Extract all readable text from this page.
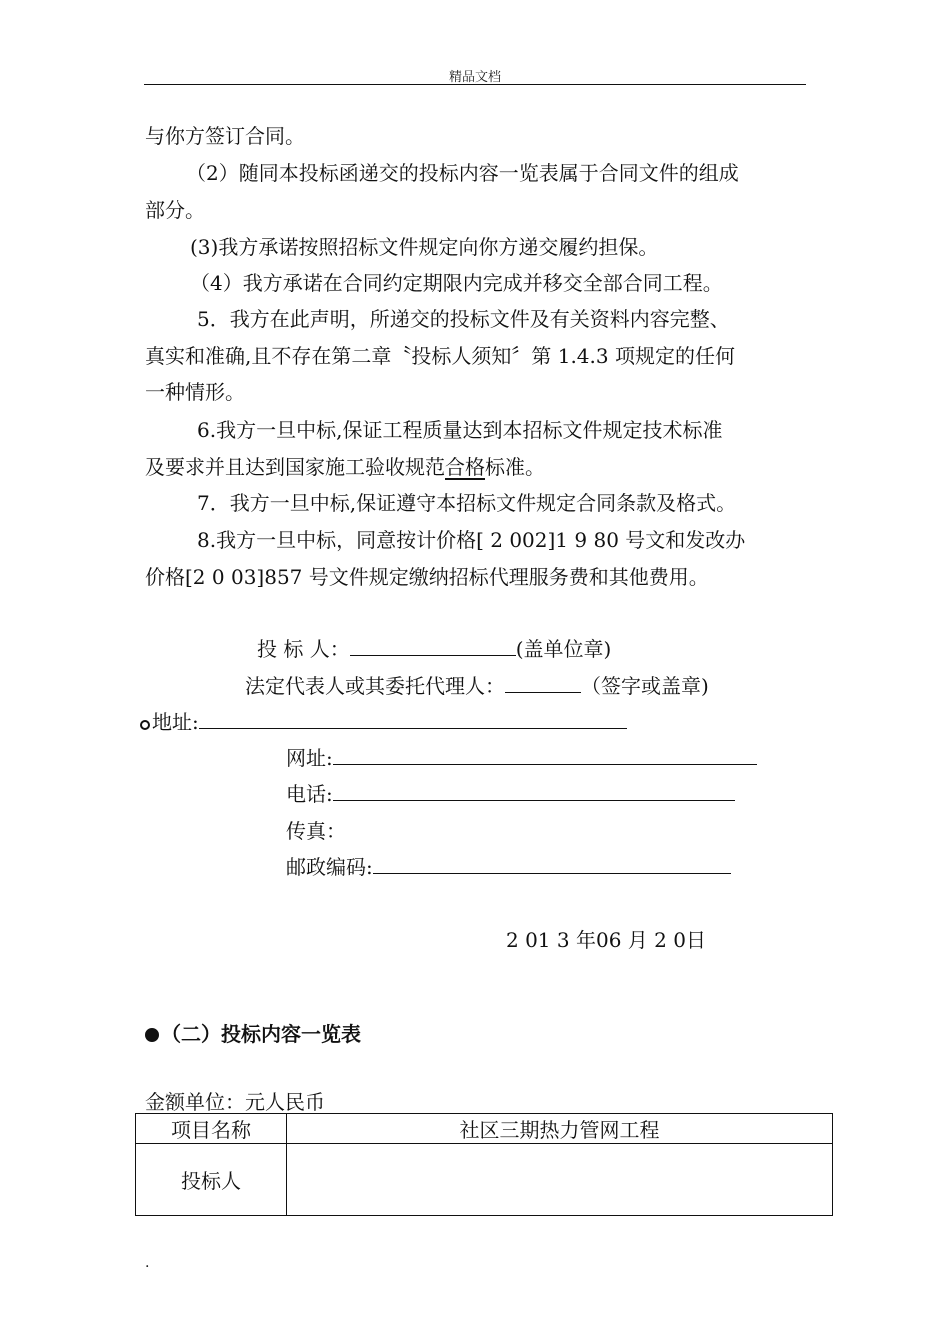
精品文档
与你方签订合同。
（2）随同本投标函递交的投标内容一览表属于合同文件的组成
部分。
(3)我方承诺按照招标文件规定向你方递交履约担保。
（4）我方承诺在合同约定期限内完成并移交全部合同工程。
5．我方在此声明，所递交的投标文件及有关资料内容完整、
真实和准确,且不存在第二章〝投标人须知〞第 1.4.3 项规定的任何
一种情形。
6.我方一旦中标,保证工程质量达到本招标文件规定技术标准
及要求并且达到国家施工验收规范合格标准。
7．我方一旦中标,保证遵守本招标文件规定合同条款及格式。
8.我方一旦中标，同意按计价格[ 2 002]1 9 80 号文和发改办
价格[2 0 03]857 号文件规定缴纳招标代理服务费和其他费用。
投 标 人：	(盖单位章)
法定代表人或其委托代理人：	（签字或盖章)
地址:
网址:
电话:
传真：
邮政编码:
2 01 3 年06 月 2 0日
（二）投标内容一览表
金额单位：元人民币
项目名称	社区三期热力管网工程
投标人	
.
